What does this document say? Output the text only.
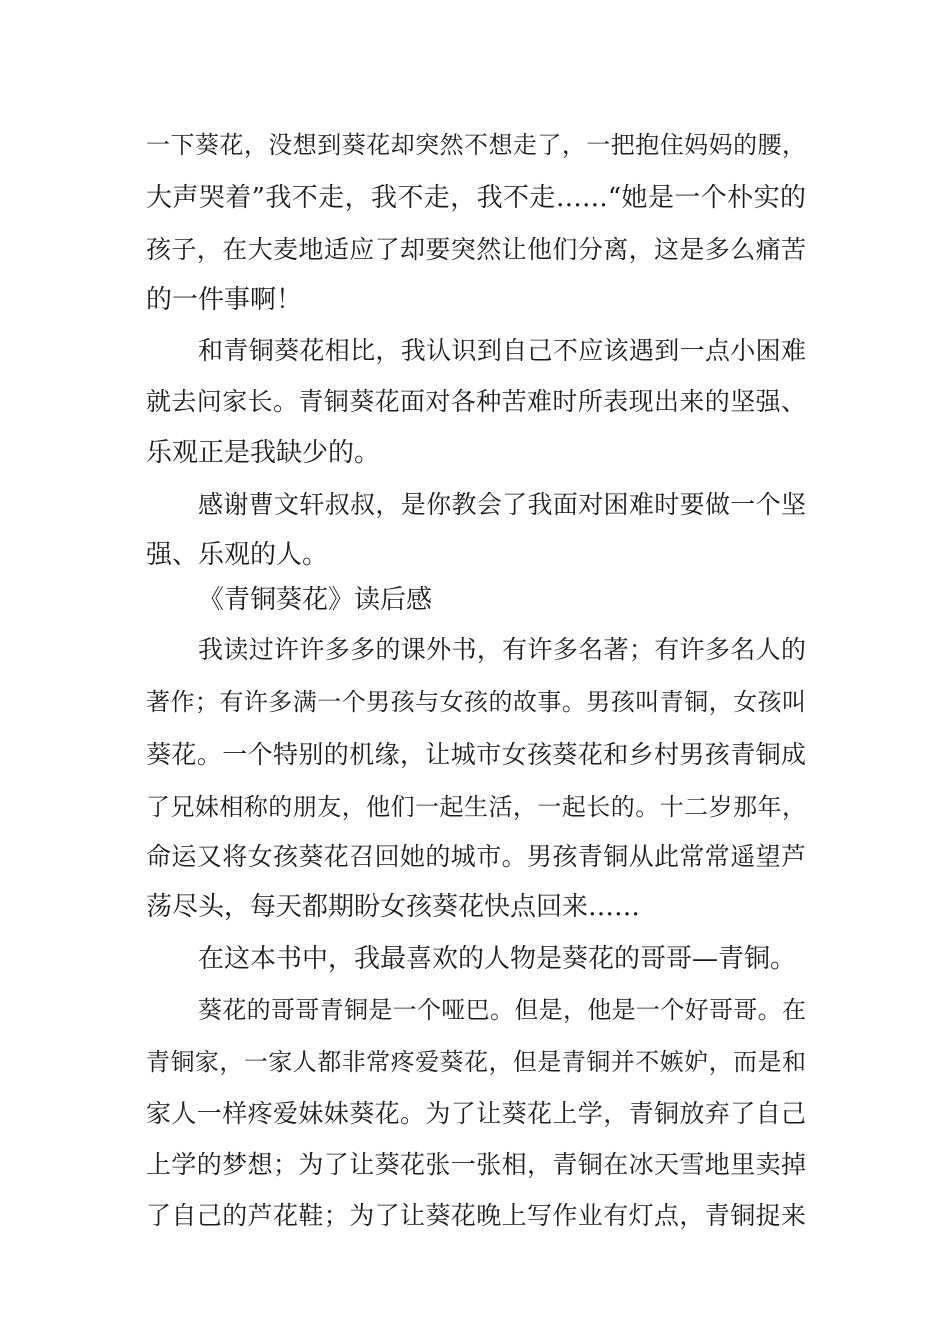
一下葵花，没想到葵花却突然不想走了，一把抱住妈妈的腰，

大声哭着”我不走，我不走，我不走……“她是一个朴实的

孩子，在大麦地适应了却要突然让他们分离，这是多么痛苦

的一件事啊！

和青铜葵花相比，我认识到自己不应该遇到一点小困难

就去问家长。青铜葵花面对各种苦难时所表现出来的坚强、

乐观正是我缺少的。

感谢曹文轩叔叔，是你教会了我面对困难时要做一个坚

强、乐观的人。

《青铜葵花》读后感

我读过许许多多的课外书，有许多名著；有许多名人的

著作；有许多满一个男孩与女孩的故事。男孩叫青铜，女孩叫

葵花。一个特别的机缘，让城市女孩葵花和乡村男孩青铜成

了兄妹相称的朋友，他们一起生活，一起长的。十二岁那年，

命运又将女孩葵花召回她的城市。男孩青铜从此常常遥望芦

荡尽头，每天都期盼女孩葵花快点回来……

在这本书中，我最喜欢的人物是葵花的哥哥—青铜。

葵花的哥哥青铜是一个哑巴。但是，他是一个好哥哥。在

青铜家，一家人都非常疼爱葵花，但是青铜并不嫉妒，而是和

家人一样疼爱妹妹葵花。为了让葵花上学，青铜放弃了自己

上学的梦想；为了让葵花张一张相，青铜在冰天雪地里卖掉

了自己的芦花鞋；为了让葵花晚上写作业有灯点，青铜捉来
